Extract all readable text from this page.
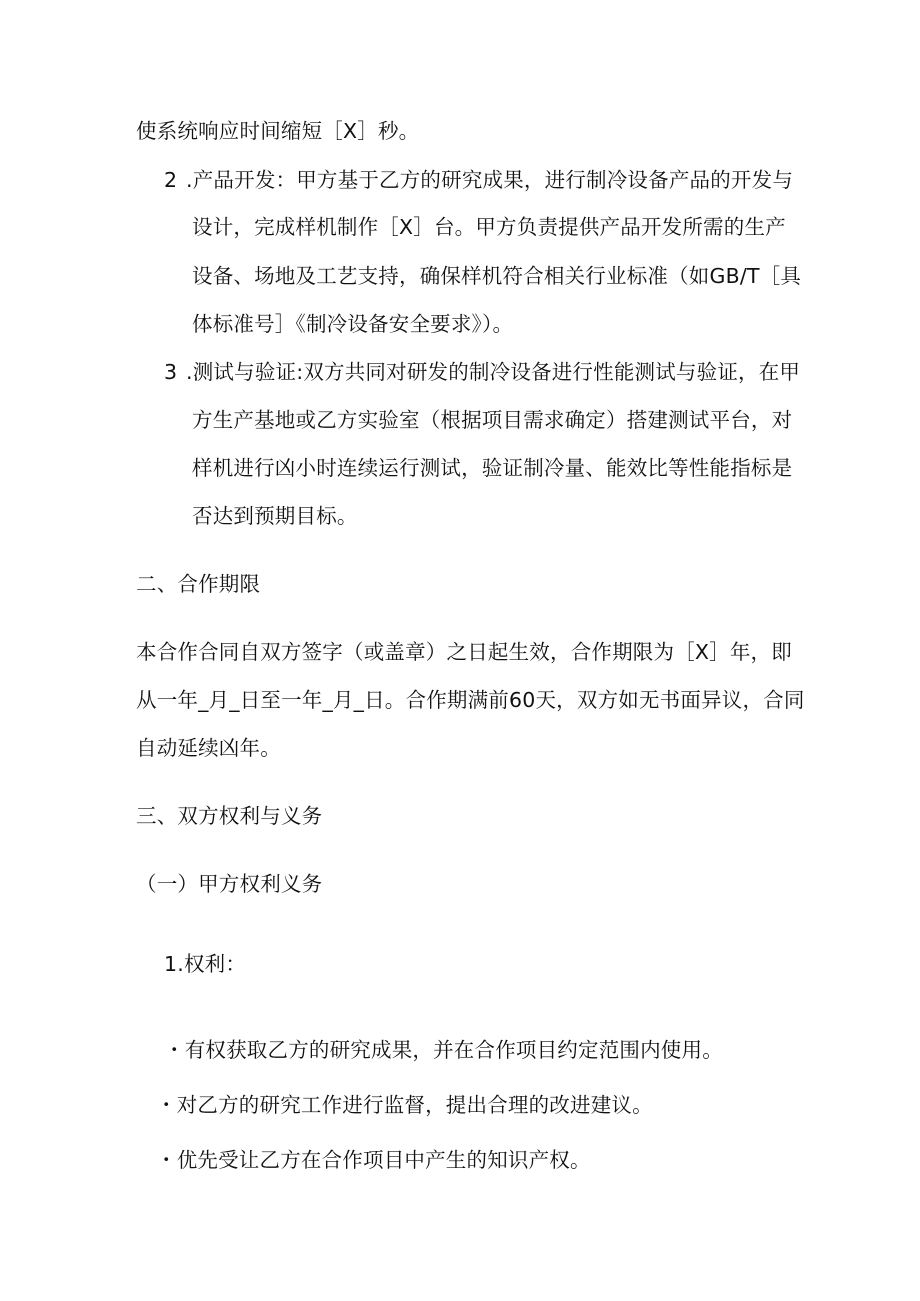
使系统响应时间缩短［X］秒。
2 .产品开发：甲方基于乙方的研究成果，进行制冷设备产品的开发与
设计，完成样机制作［X］台。甲方负责提供产品开发所需的生产
设备、场地及工艺支持，确保样机符合相关行业标准（如GB/T［具
体标准号］《制冷设备安全要求》）。
3 .测试与验证:双方共同对研发的制冷设备进行性能测试与验证，在甲
方生产基地或乙方实验室（根据项目需求确定）搭建测试平台，对
样机进行凶小时连续运行测试，验证制冷量、能效比等性能指标是
否达到预期目标。
二、合作期限
本合作合同自双方签字（或盖章）之日起生效，合作期限为［X］年，即
从一年_月_日至一年_月_日。合作期满前60天，双方如无书面异议，合同
自动延续凶年。
三、双方权利与义务
（一）甲方权利义务
1.权利：
・有权获取乙方的研究成果，并在合作项目约定范围内使用。
・对乙方的研究工作进行监督，提出合理的改进建议。
・优先受让乙方在合作项目中产生的知识产权。
